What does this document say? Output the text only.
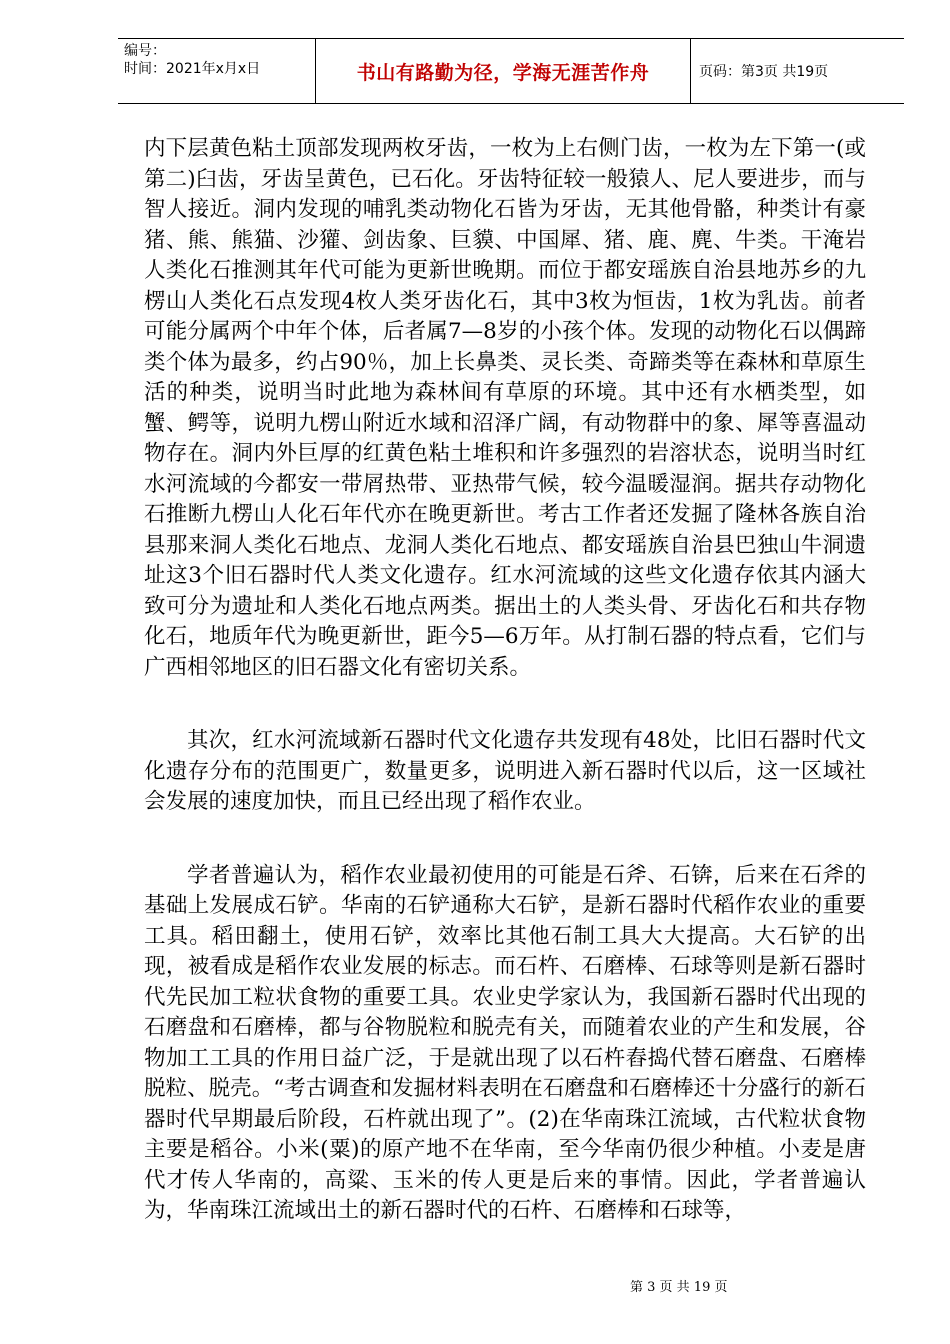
编号：
时间：2021年x月x日	书山有路勤为径，学海无涯苦作舟	页码：第3页 共19页

内下层黄色粘土顶部发现两枚牙齿，一枚为上右侧门齿，一枚为左下第一(或第二)臼齿，牙齿呈黄色，已石化。牙齿特征较一般猿人、尼人要进步，而与智人接近。洞内发现的哺乳类动物化石皆为牙齿，无其他骨骼，种类计有豪猪、熊、熊猫、沙獾、剑齿象、巨貘、中国犀、猪、鹿、麂、牛类。干淹岩人类化石推测其年代可能为更新世晚期。而位于都安瑶族自治县地苏乡的九楞山人类化石点发现4枚人类牙齿化石，其中3枚为恒齿，1枚为乳齿。前者可能分属两个中年个体，后者属7—8岁的小孩个体。发现的动物化石以偶蹄类个体为最多，约占90％，加上长鼻类、灵长类、奇蹄类等在森林和草原生活的种类，说明当时此地为森林间有草原的环境。其中还有水栖类型，如蟹、鳄等，说明九楞山附近水域和沼泽广阔，有动物群中的象、犀等喜温动物存在。洞内外巨厚的红黄色粘土堆积和许多强烈的岩溶状态，说明当时红水河流域的今都安一带屑热带、亚热带气候，较今温暖湿润。据共存动物化石推断九楞山人化石年代亦在晚更新世。考古工作者还发掘了隆林各族自治县那来洞人类化石地点、龙洞人类化石地点、都安瑶族自治县巴独山牛洞遗址这3个旧石器时代人类文化遗存。红水河流域的这些文化遗存依其内涵大致可分为遗址和人类化石地点两类。据出土的人类头骨、牙齿化石和共存物化石，地质年代为晚更新世，距今5—6万年。从打制石器的特点看，它们与广西相邻地区的旧石器文化有密切关系。

其次，红水河流域新石器时代文化遗存共发现有48处，比旧石器时代文化遗存分布的范围更广，数量更多，说明进入新石器时代以后，这一区域社会发展的速度加快，而且已经出现了稻作农业。

学者普遍认为，稻作农业最初使用的可能是石斧、石锛，后来在石斧的基础上发展成石铲。华南的石铲通称大石铲，是新石器时代稻作农业的重要工具。稻田翻土，使用石铲，效率比其他石制工具大大提高。大石铲的出现，被看成是稻作农业发展的标志。而石杵、石磨棒、石球等则是新石器时代先民加工粒状食物的重要工具。农业史学家认为，我国新石器时代出现的石磨盘和石磨棒，都与谷物脱粒和脱壳有关，而随着农业的产生和发展，谷物加工工具的作用日益广泛，于是就出现了以石杵舂捣代替石磨盘、石磨棒脱粒、脱壳。“考古调查和发掘材料表明在石磨盘和石磨棒还十分盛行的新石器时代早期最后阶段，石杵就出现了”。(2)在华南珠江流域，古代粒状食物主要是稻谷。小米(粟)的原产地不在华南，至今华南仍很少种植。小麦是唐代才传人华南的，高粱、玉米的传人更是后来的事情。因此，学者普遍认为，华南珠江流域出土的新石器时代的石杵、石磨棒和石球等，

第 3 页 共 19 页
